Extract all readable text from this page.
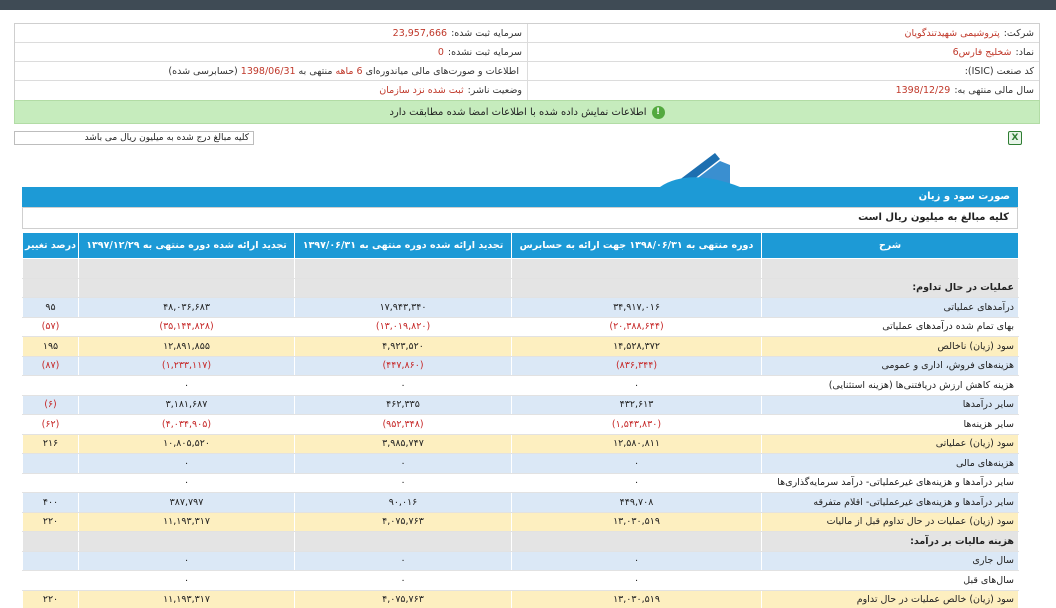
شرکت:
پتروشیمی شهیدتندگویان
سرمایه ثبت شده:
23,957,666
نماد:
شخلیج فارس6
سرمایه ثبت نشده:
0
کد صنعت (ISIC):
اطلاعات و صورت‌های مالی میاندوره‌ای
6 ماهه
منتهی به
1398/06/31
(حسابرسی شده)
سال مالی منتهی به:
1398/12/29
وضعیت ناشر:
ثبت شده نزد سازمان
!
اطلاعات نمایش داده شده با اطلاعات امضا شده مطابقت دارد
X
کلیه مبالغ درج شده به میلیون ریال می باشد
صورت سود و زیان
کلیه مبالغ به میلیون ریال است
شرح	دوره منتهی به ۱۳۹۸/۰۶/۳۱ جهت ارائه به حسابرس	تجدید ارائه شده دوره منتهی به ۱۳۹۷/۰۶/۳۱	تجدید ارائه شده دوره منتهی به ۱۳۹۷/۱۲/۲۹	درصد تغییر

عملیات در حال تداوم:				
درآمدهای عملیاتی	۳۴,۹۱۷,۰۱۶	۱۷,۹۴۳,۳۴۰	۴۸,۰۳۶,۶۸۳	۹۵
بهای تمام شده درآمدهای عملیاتی	(۲۰,۳۸۸,۶۴۴)	(۱۳,۰۱۹,۸۲۰)	(۳۵,۱۴۴,۸۲۸)	(۵۷)
سود (زیان) ناخالص	۱۴,۵۲۸,۳۷۲	۴,۹۲۳,۵۲۰	۱۲,۸۹۱,۸۵۵	۱۹۵
هزینه‌های فروش، اداری و عمومی	(۸۳۶,۳۴۴)	(۴۴۷,۸۶۰)	(۱,۲۳۳,۱۱۷)	(۸۷)
هزینه کاهش ارزش دریافتنی‌ها (هزینه استثنایی)	۰	۰	۰	
سایر درآمدها	۴۳۲,۶۱۳	۴۶۲,۳۳۵	۳,۱۸۱,۶۸۷	(۶)
سایر هزینه‌ها	(۱,۵۴۳,۸۳۰)	(۹۵۲,۳۴۸)	(۴,۰۳۴,۹۰۵)	(۶۲)
سود (زیان) عملیاتی	۱۲,۵۸۰,۸۱۱	۳,۹۸۵,۷۴۷	۱۰,۸۰۵,۵۲۰	۲۱۶
هزینه‌های مالی	۰	۰	۰	
سایر درآمدها و هزینه‌های غیرعملیاتی- درآمد سرمایه‌گذاری‌ها	۰	۰	۰	
سایر درآمدها و هزینه‌های غیرعملیاتی- اقلام متفرقه	۴۴۹,۷۰۸	۹۰,۰۱۶	۳۸۷,۷۹۷	۴۰۰
سود (زیان) عملیات در حال تداوم قبل از مالیات	۱۳,۰۳۰,۵۱۹	۴,۰۷۵,۷۶۳	۱۱,۱۹۳,۳۱۷	۲۲۰
هزینه مالیات بر درآمد:				
سال جاری	۰	۰	۰	
سال‌های قبل	۰	۰	۰	
سود (زیان) خالص عملیات در حال تداوم	۱۳,۰۳۰,۵۱۹	۴,۰۷۵,۷۶۳	۱۱,۱۹۳,۳۱۷	۲۲۰
